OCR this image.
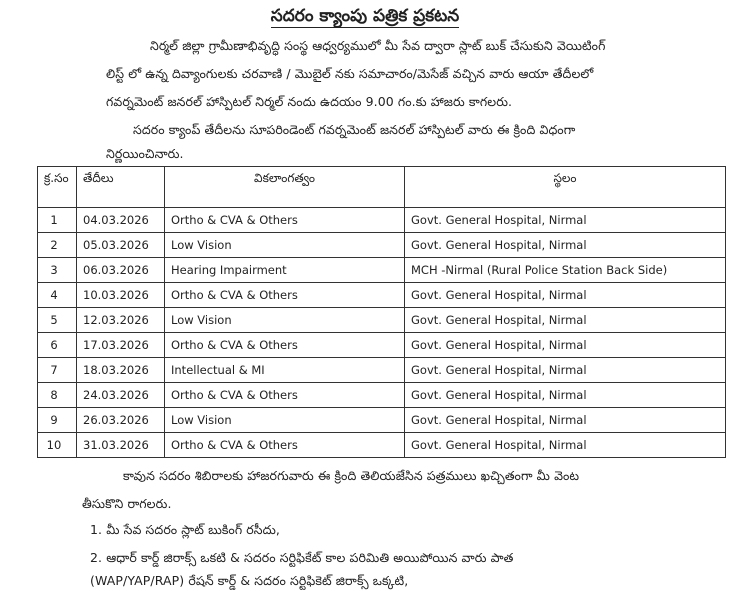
సదరం క్యాంపు పత్రిక ప్రకటన
నిర్మల్ జిల్లా గ్రామీణాభివృద్ధి సంస్థ ఆధ్వర్యములో మీ సేవ ద్వారా స్లాట్ బుక్ చేసుకుని వెయిటింగ్
లిస్ట్ లో ఉన్న దివ్యాంగులకు చరవాణి / మొబైల్ నకు సమాచారం/మెసేజ్ వచ్చిన వారు ఆయా తేదీలలో
గవర్నమెంట్ జనరల్ హాస్పిటల్ నిర్మల్ నందు ఉదయం 9.00 గం.కు హాజరు కాగలరు.
సదరం క్యాంప్ తేదీలను సూపరిండెంట్ గవర్నమెంట్ జనరల్ హాస్పిటల్ వారు ఈ క్రింది విధంగా
నిర్ణయించినారు.
క్ర.సం	తేదీలు	వికలాంగత్వం	స్థలం
1	04.03.2026	Ortho & CVA & Others	Govt. General Hospital, Nirmal
2	05.03.2026	Low Vision	Govt. General Hospital, Nirmal
3	06.03.2026	Hearing Impairment	MCH -Nirmal (Rural Police Station Back Side)
4	10.03.2026	Ortho & CVA & Others	Govt. General Hospital, Nirmal
5	12.03.2026	Low Vision	Govt. General Hospital, Nirmal
6	17.03.2026	Ortho & CVA & Others	Govt. General Hospital, Nirmal
7	18.03.2026	Intellectual & MI	Govt. General Hospital, Nirmal
8	24.03.2026	Ortho & CVA & Others	Govt. General Hospital, Nirmal
9	26.03.2026	Low Vision	Govt. General Hospital, Nirmal
10	31.03.2026	Ortho & CVA & Others	Govt. General Hospital, Nirmal
కావున సదరం శిబిరాలకు హాజరగువారు ఈ క్రింది తెలియజేసిన పత్రములు ఖచ్చితంగా మీ వెంట
తీసుకొని రాగలరు.
1. మీ సేవ సదరం స్లాట్ బుకింగ్ రసీదు,
2. ఆధార్ కార్డ్ జిరాక్స్ ఒకటి & సదరం సర్టిఫికేట్ కాల పరిమితి అయిపోయిన వారు పాత
(WAP/YAP/RAP) రేషన్ కార్డ్ & సదరం సర్టిఫికెట్ జిరాక్స్ ఒక్కటి,
